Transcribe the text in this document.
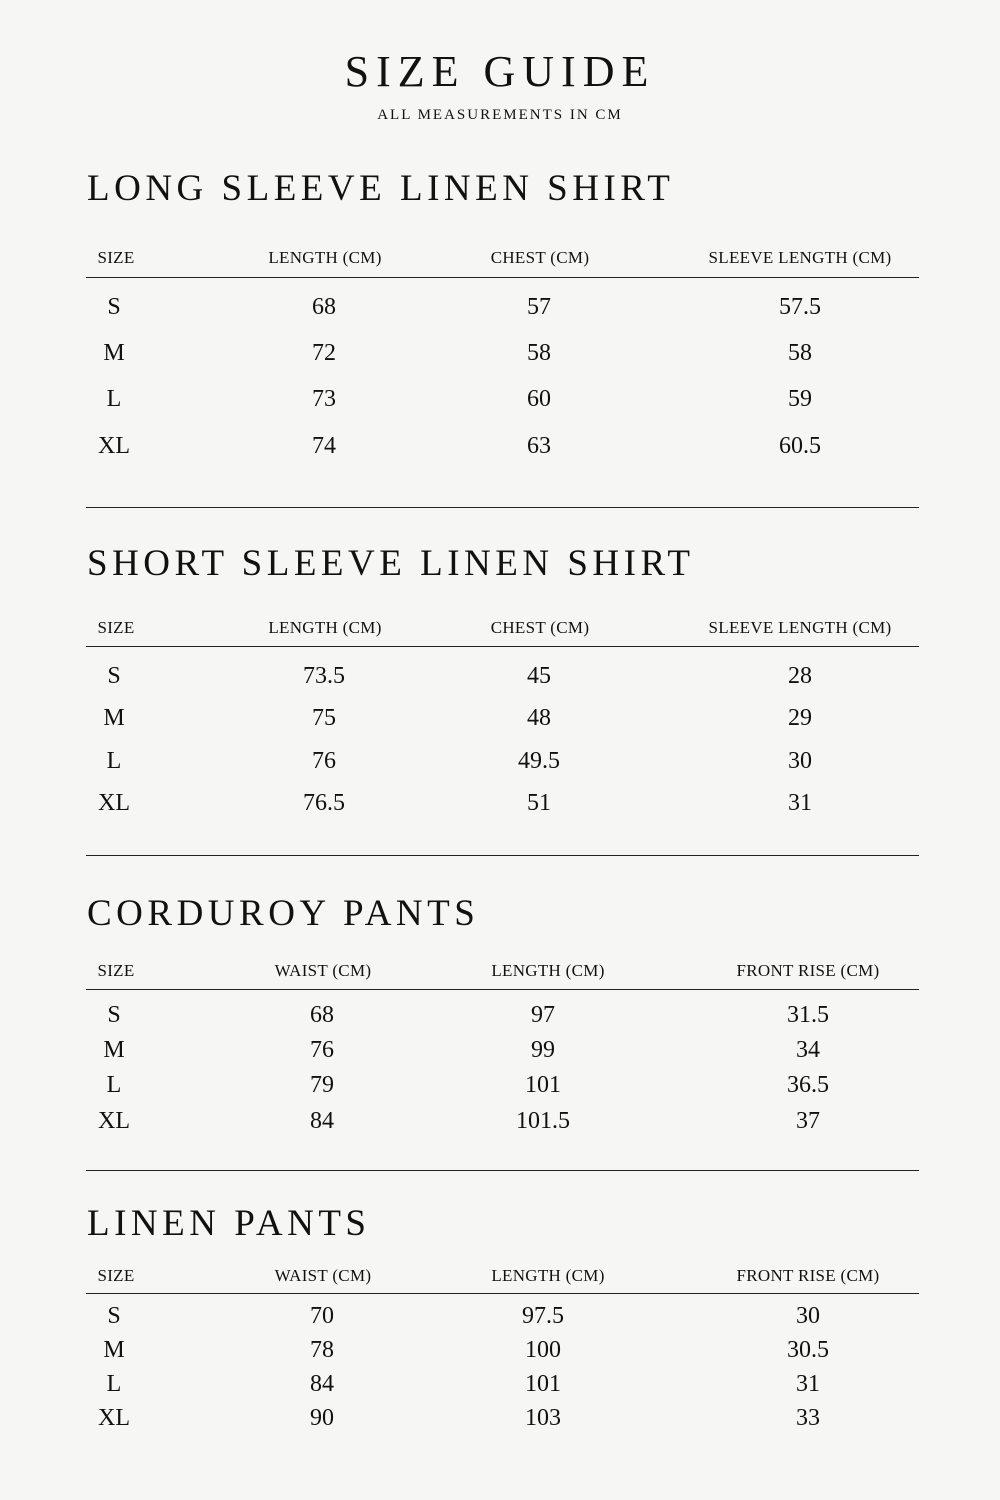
SIZE GUIDE
ALL MEASUREMENTS IN CM
LONG SLEEVE LINEN SHIRT
SIZE	LENGTH (CM)	CHEST (CM)	SLEEVE LENGTH (CM)
S	68	57	57.5
M	72	58	58
L	73	60	59
XL	74	63	60.5
SHORT SLEEVE LINEN SHIRT
SIZE	LENGTH (CM)	CHEST (CM)	SLEEVE LENGTH (CM)
S	73.5	45	28
M	75	48	29
L	76	49.5	30
XL	76.5	51	31
CORDUROY PANTS
SIZE	WAIST (CM)	LENGTH (CM)	FRONT RISE (CM)
S	68	97	31.5
M	76	99	34
L	79	101	36.5
XL	84	101.5	37
LINEN PANTS
SIZE	WAIST (CM)	LENGTH (CM)	FRONT RISE (CM)
S	70	97.5	30
M	78	100	30.5
L	84	101	31
XL	90	103	33
